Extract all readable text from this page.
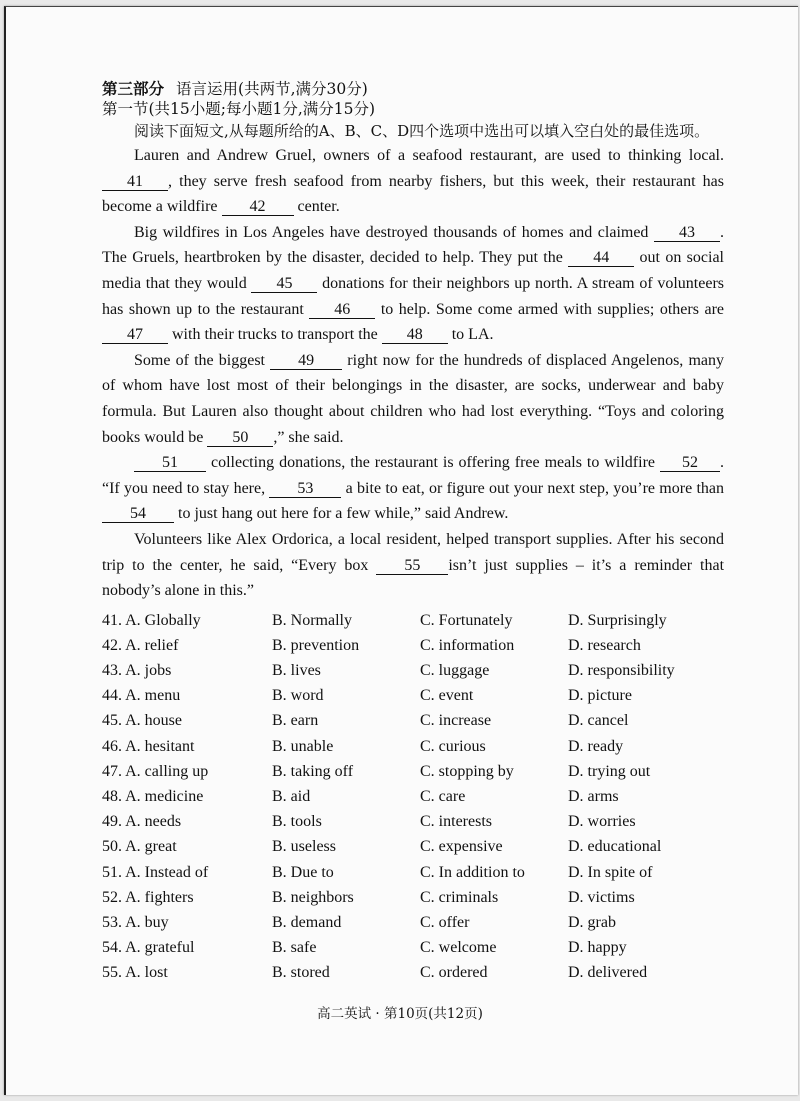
第三部分 语言运用(共两节,满分30分)
第一节(共15小题;每小题1分,满分15分)
阅读下面短文,从每题所给的A、B、C、D四个选项中选出可以填入空白处的最佳选项。

Lauren and Andrew Gruel, owners of a seafood restaurant, are used to thinking local. 41 , they serve fresh seafood from nearby fishers, but this week, their restaurant has become a wildfire 42 center.

Big wildfires in Los Angeles have destroyed thousands of homes and claimed 43 . The Gruels, heartbroken by the disaster, decided to help. They put the 44 out on social media that they would 45 donations for their neighbors up north. A stream of volunteers has shown up to the restaurant 46 to help. Some come armed with supplies; others are 47 with their trucks to transport the 48 to LA.

Some of the biggest 49 right now for the hundreds of displaced Angelenos, many of whom have lost most of their belongings in the disaster, are socks, underwear and baby formula. But Lauren also thought about children who had lost everything. “Toys and coloring books would be 50 ,” she said.

51 collecting donations, the restaurant is offering free meals to wildfire 52 . “If you need to stay here, 53 a bite to eat, or figure out your next step, you’re more than 54 to just hang out here for a few while,” said Andrew.

Volunteers like Alex Ordorica, a local resident, helped transport supplies. After his second trip to the center, he said, “Every box 55 isn’t just supplies – it’s a reminder that nobody’s alone in this.”

41. A. Globally	B. Normally	C. Fortunately	D. Surprisingly
42. A. relief	B. prevention	C. information	D. research
43. A. jobs	B. lives	C. luggage	D. responsibility
44. A. menu	B. word	C. event	D. picture
45. A. house	B. earn	C. increase	D. cancel
46. A. hesitant	B. unable	C. curious	D. ready
47. A. calling up	B. taking off	C. stopping by	D. trying out
48. A. medicine	B. aid	C. care	D. arms
49. A. needs	B. tools	C. interests	D. worries
50. A. great	B. useless	C. expensive	D. educational
51. A. Instead of	B. Due to	C. In addition to	D. In spite of
52. A. fighters	B. neighbors	C. criminals	D. victims
53. A. buy	B. demand	C. offer	D. grab
54. A. grateful	B. safe	C. welcome	D. happy
55. A. lost	B. stored	C. ordered	D. delivered
高二英试 · 第10页(共12页)
